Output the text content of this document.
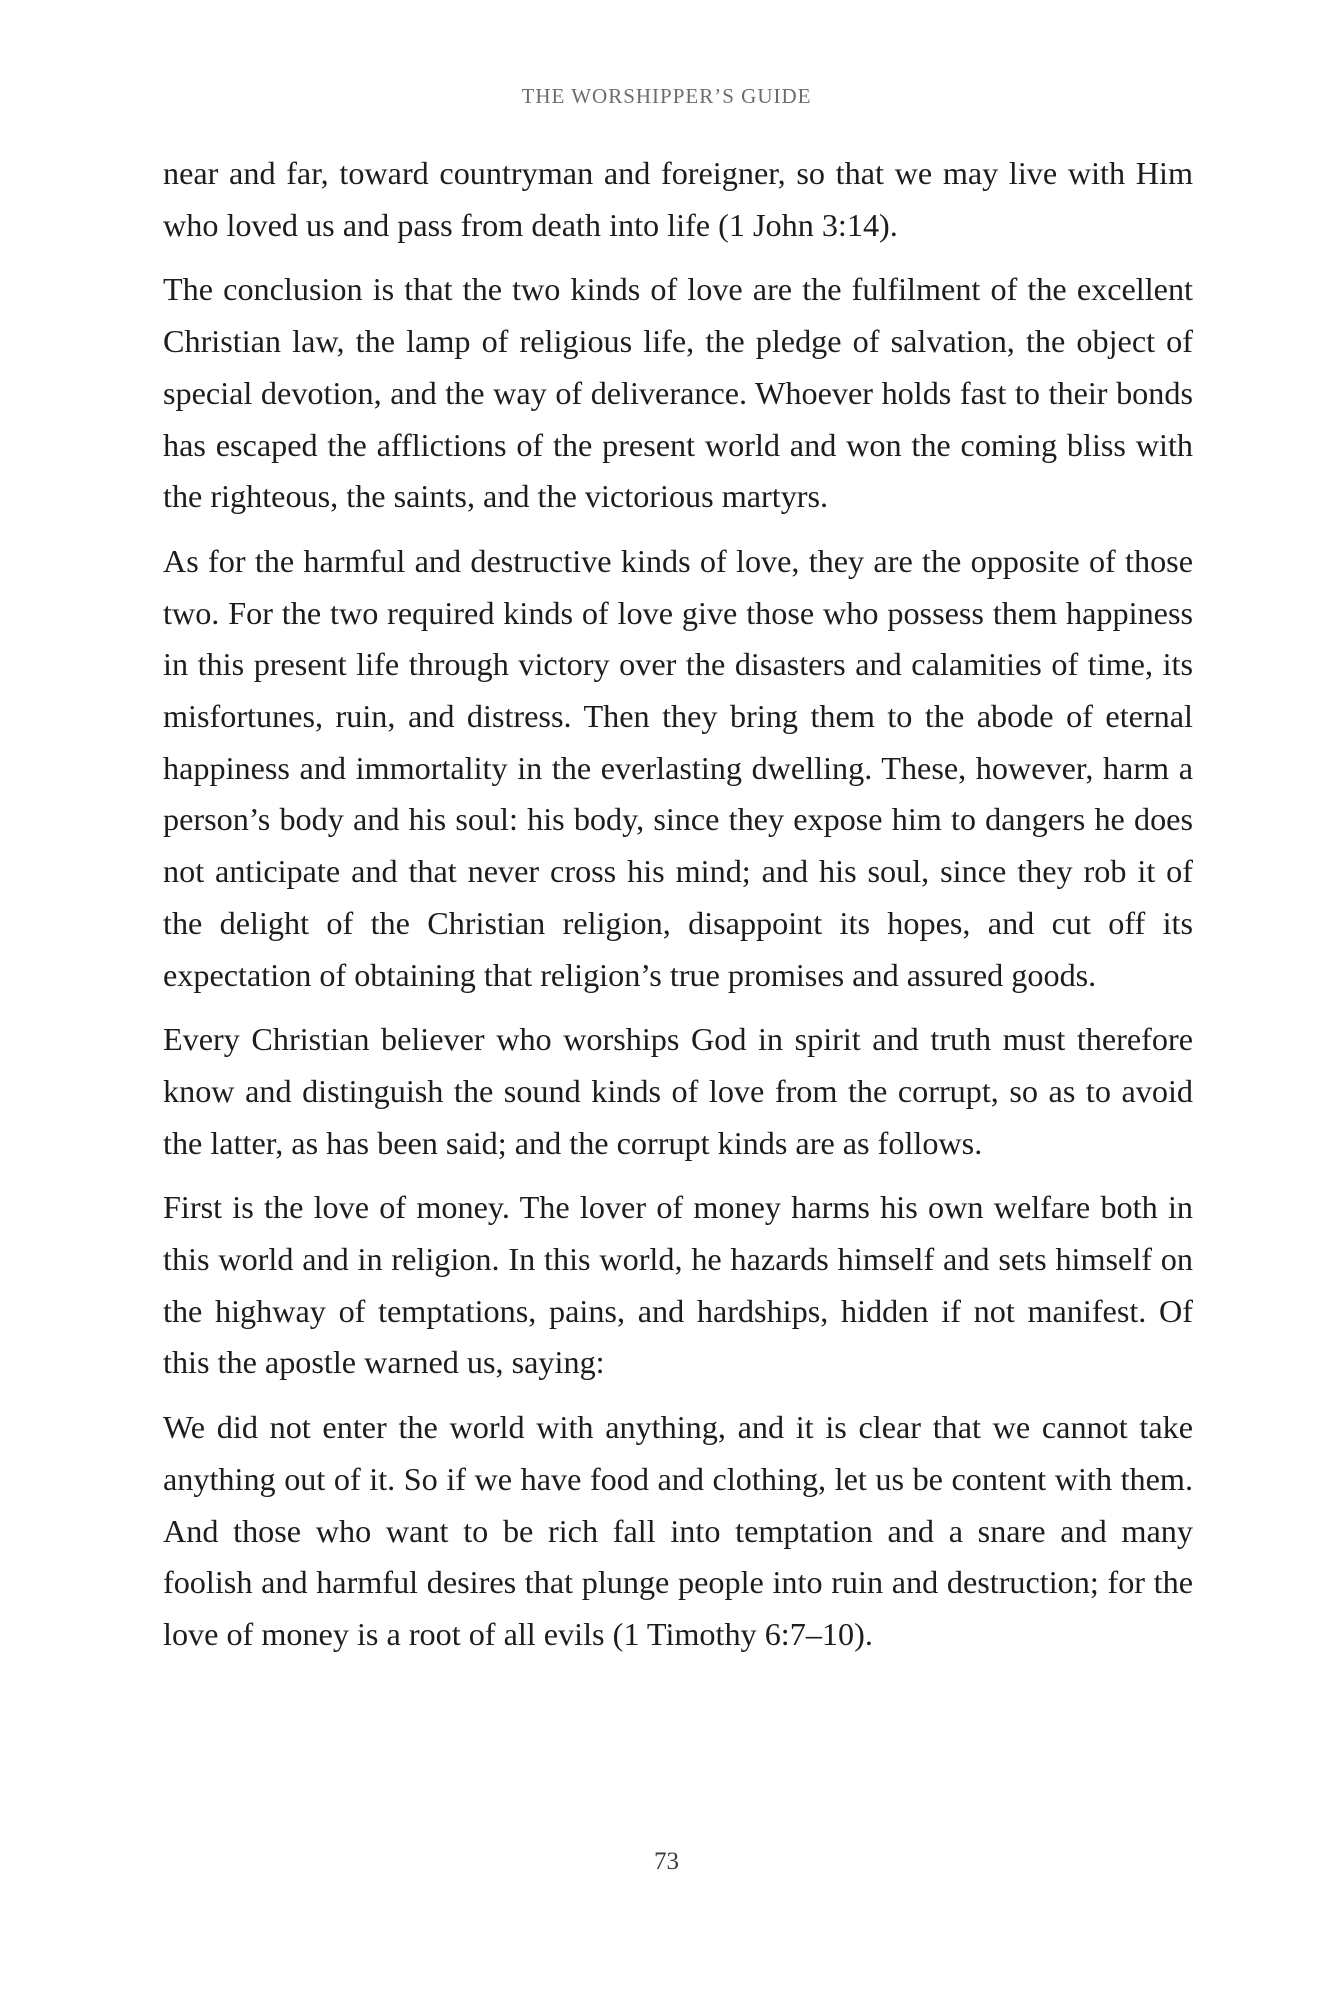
THE WORSHIPPER’S GUIDE

near and far, toward countryman and foreigner, so that we may live with Him who loved us and pass from death into life (1 John 3:14).

The conclusion is that the two kinds of love are the fulfilment of the excellent Christian law, the lamp of religious life, the pledge of salvation, the object of special devotion, and the way of deliverance. Whoever holds fast to their bonds has escaped the afflictions of the present world and won the coming bliss with the righteous, the saints, and the victorious martyrs.

As for the harmful and destructive kinds of love, they are the opposite of those two. For the two required kinds of love give those who possess them happiness in this present life through victory over the disasters and calamities of time, its misfortunes, ruin, and distress. Then they bring them to the abode of eternal happiness and immortality in the everlasting dwelling. These, however, harm a person’s body and his soul: his body, since they expose him to dangers he does not anticipate and that never cross his mind; and his soul, since they rob it of the delight of the Christian religion, disappoint its hopes, and cut off its expectation of obtaining that religion’s true promises and assured goods.

Every Christian believer who worships God in spirit and truth must therefore know and distinguish the sound kinds of love from the corrupt, so as to avoid the latter, as has been said; and the corrupt kinds are as follows.

First is the love of money. The lover of money harms his own welfare both in this world and in religion. In this world, he hazards himself and sets himself on the highway of temptations, pains, and hardships, hidden if not manifest. Of this the apostle warned us, saying:

We did not enter the world with anything, and it is clear that we cannot take anything out of it. So if we have food and clothing, let us be content with them. And those who want to be rich fall into temptation and a snare and many foolish and harmful desires that plunge people into ruin and destruction; for the love of money is a root of all evils (1 Timothy 6:7–10).

73
